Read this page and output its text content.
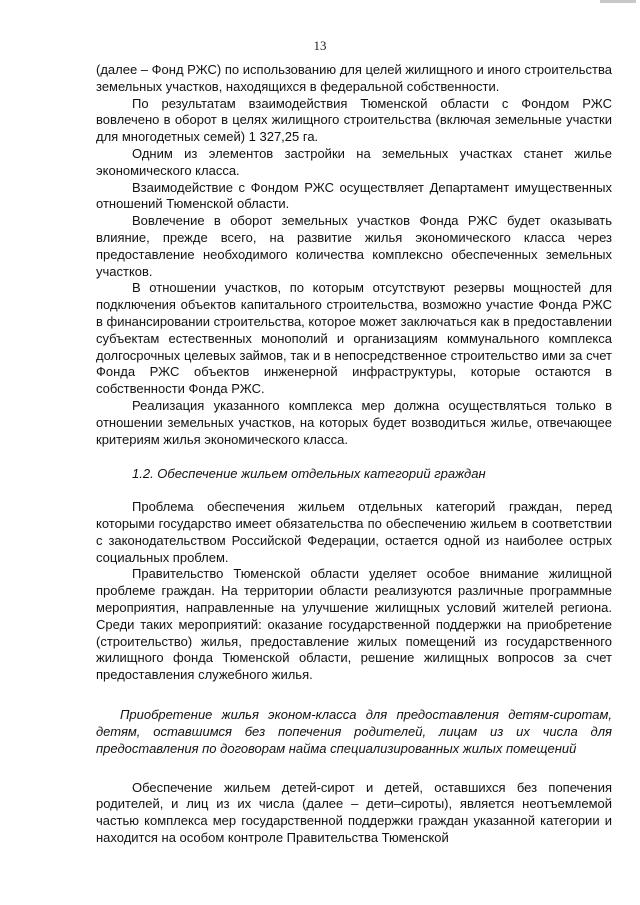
13

(далее – Фонд РЖС) по использованию для целей жилищного и иного строительства земельных участков, находящихся в федеральной собственности.

По результатам взаимодействия Тюменской области с Фондом РЖС вовлечено в оборот в целях жилищного строительства (включая земельные участки для многодетных семей) 1 327,25 га.

Одним из элементов застройки на земельных участках станет жилье экономического класса.

Взаимодействие с Фондом РЖС осуществляет Департамент имущественных отношений Тюменской области.

Вовлечение в оборот земельных участков Фонда РЖС будет оказывать влияние, прежде всего, на развитие жилья экономического класса через предоставление необходимого количества комплексно обеспеченных земельных участков.

В отношении участков, по которым отсутствуют резервы мощностей для подключения объектов капитального строительства, возможно участие Фонда РЖС в финансировании строительства, которое может заключаться как в предоставлении субъектам естественных монополий и организациям коммунального комплекса долгосрочных целевых займов, так и в непосредственное строительство ими за счет Фонда РЖС объектов инженерной инфраструктуры, которые остаются в собственности Фонда РЖС.

Реализация указанного комплекса мер должна осуществляться только в отношении земельных участков, на которых будет возводиться жилье, отвечающее критериям жилья экономического класса.

1.2. Обеспечение жильем отдельных категорий граждан

Проблема обеспечения жильем отдельных категорий граждан, перед которыми государство имеет обязательства по обеспечению жильем в соответствии с законодательством Российской Федерации, остается одной из наиболее острых социальных проблем.

Правительство Тюменской области уделяет особое внимание жилищной проблеме граждан. На территории области реализуются различные программные мероприятия, направленные на улучшение жилищных условий жителей региона. Среди таких мероприятий: оказание государственной поддержки на приобретение (строительство) жилья, предоставление жилых помещений из государственного жилищного фонда Тюменской области, решение жилищных вопросов за счет предоставления служебного жилья.

Приобретение жилья эконом-класса для предоставления детям-сиротам, детям, оставшимся без попечения родителей, лицам из их числа для предоставления по договорам найма специализированных жилых помещений

Обеспечение жильем детей-сирот и детей, оставшихся без попечения родителей, и лиц из их числа (далее – дети–сироты), является неотъемлемой частью комплекса мер государственной поддержки граждан указанной категории и находится на особом контроле Правительства Тюменской
